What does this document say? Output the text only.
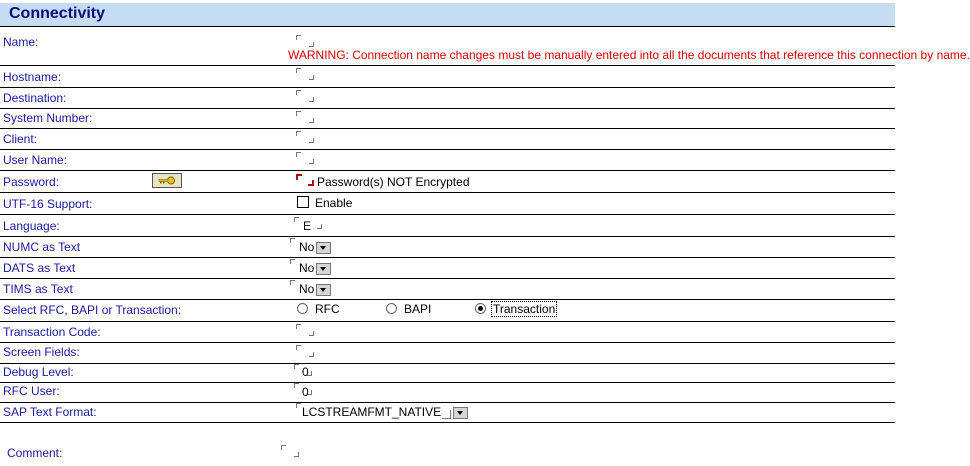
Connectivity
Name:
WARNING: Connection name changes must be manually entered into all the documents that reference this connection by name.
Hostname:
Destination:
System Number:
Client:
User Name:
Password:	Password(s) NOT Encrypted
UTF-16 Support:	Enable
Language:	E
NUMC as Text	No
DATS as Text	No
TIMS as Text	No
Select RFC, BAPI or Transaction:	RFC	BAPI	Transaction
Transaction Code:
Screen Fields:
Debug Level:	0
RFC User:	0
SAP Text Format:	LCSTREAMFMT_NATIVE
Comment:
